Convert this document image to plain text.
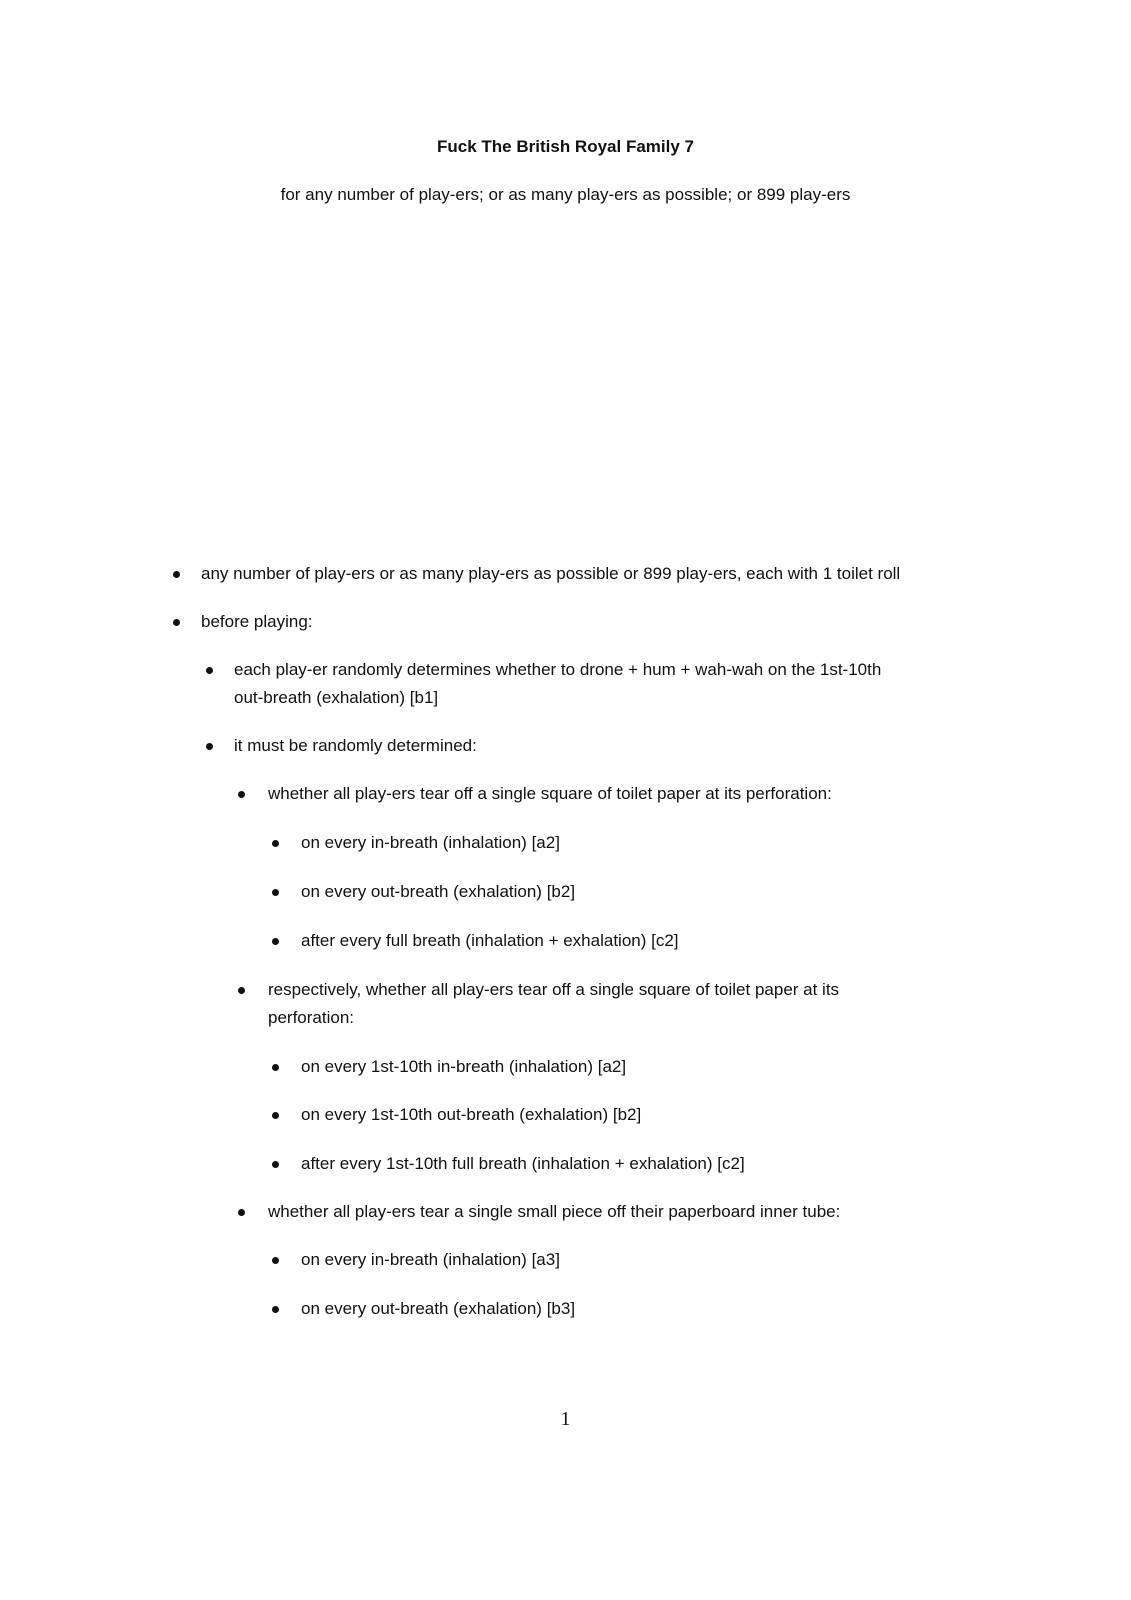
Fuck The British Royal Family 7
for any number of play-ers; or as many play-ers as possible; or 899 play-ers
any number of play-ers or as many play-ers as possible or 899 play-ers, each with 1 toilet roll
before playing:
each play-er randomly determines whether to drone + hum + wah-wah on the 1st-10th
out-breath (exhalation) [b1]
it must be randomly determined:
whether all play-ers tear off a single square of toilet paper at its perforation:
on every in-breath (inhalation) [a2]
on every out-breath (exhalation) [b2]
after every full breath (inhalation + exhalation) [c2]
respectively, whether all play-ers tear off a single square of toilet paper at its
perforation:
on every 1st-10th in-breath (inhalation) [a2]
on every 1st-10th out-breath (exhalation) [b2]
after every 1st-10th full breath (inhalation + exhalation) [c2]
whether all play-ers tear a single small piece off their paperboard inner tube:
on every in-breath (inhalation) [a3]
on every out-breath (exhalation) [b3]
1
